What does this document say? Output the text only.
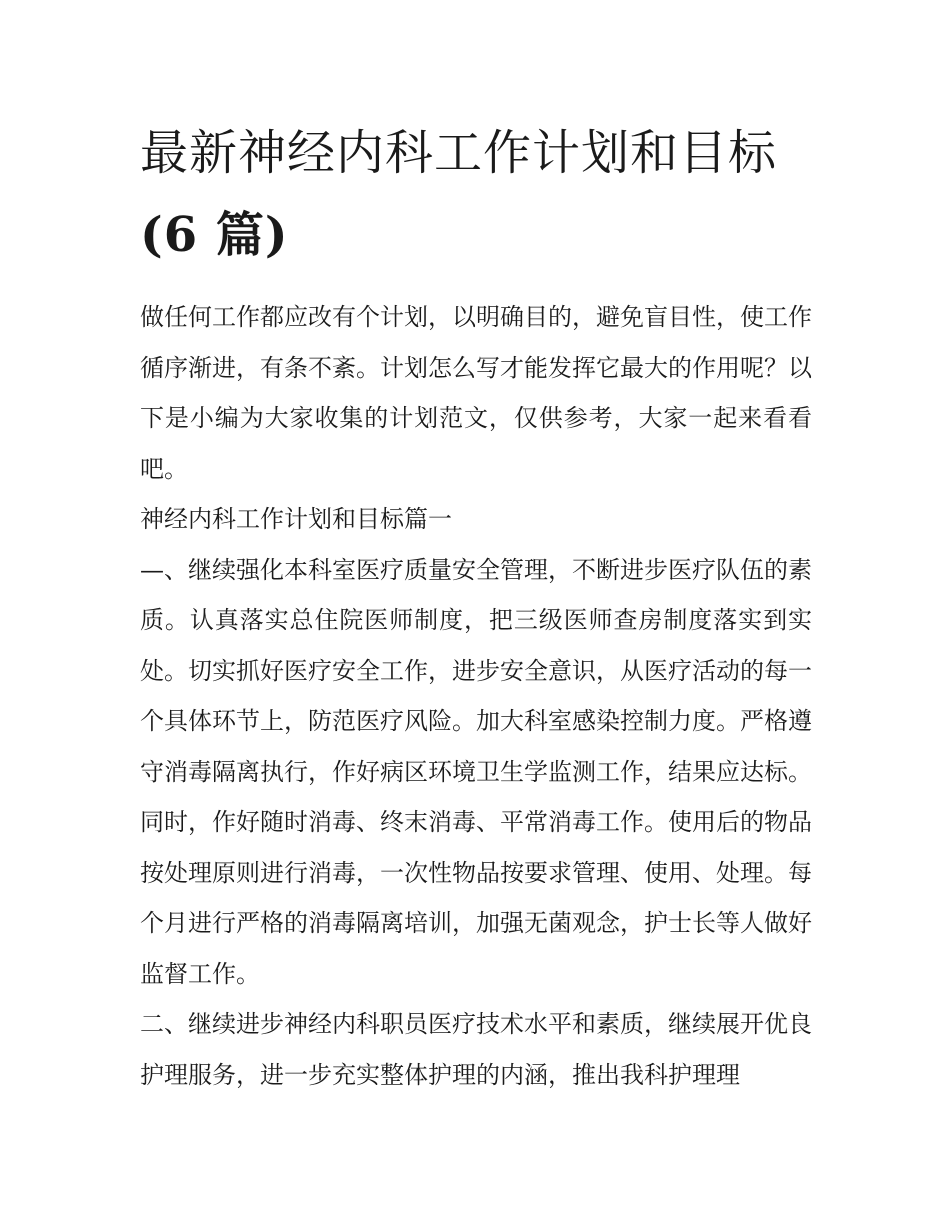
最新神经内科工作计划和目标
(6 篇)

做任何工作都应改有个计划，以明确目的，避免盲目性，使工作循序渐进，有条不紊。计划怎么写才能发挥它最大的作用呢？以下是小编为大家收集的计划范文，仅供参考，大家一起来看看吧。

神经内科工作计划和目标篇一

—、继续强化本科室医疗质量安全管理，不断进步医疗队伍的素质。认真落实总住院医师制度，把三级医师查房制度落实到实处。切实抓好医疗安全工作，进步安全意识，从医疗活动的每一个具体环节上，防范医疗风险。加大科室感染控制力度。严格遵守消毒隔离执行，作好病区环境卫生学监测工作，结果应达标。同时，作好随时消毒、终末消毒、平常消毒工作。使用后的物品按处理原则进行消毒，一次性物品按要求管理、使用、处理。每个月进行严格的消毒隔离培训，加强无菌观念，护士长等人做好监督工作。

二、继续进步神经内科职员医疗技术水平和素质，继续展开优良护理服务，进一步充实整体护理的内涵，推出我科护理理
